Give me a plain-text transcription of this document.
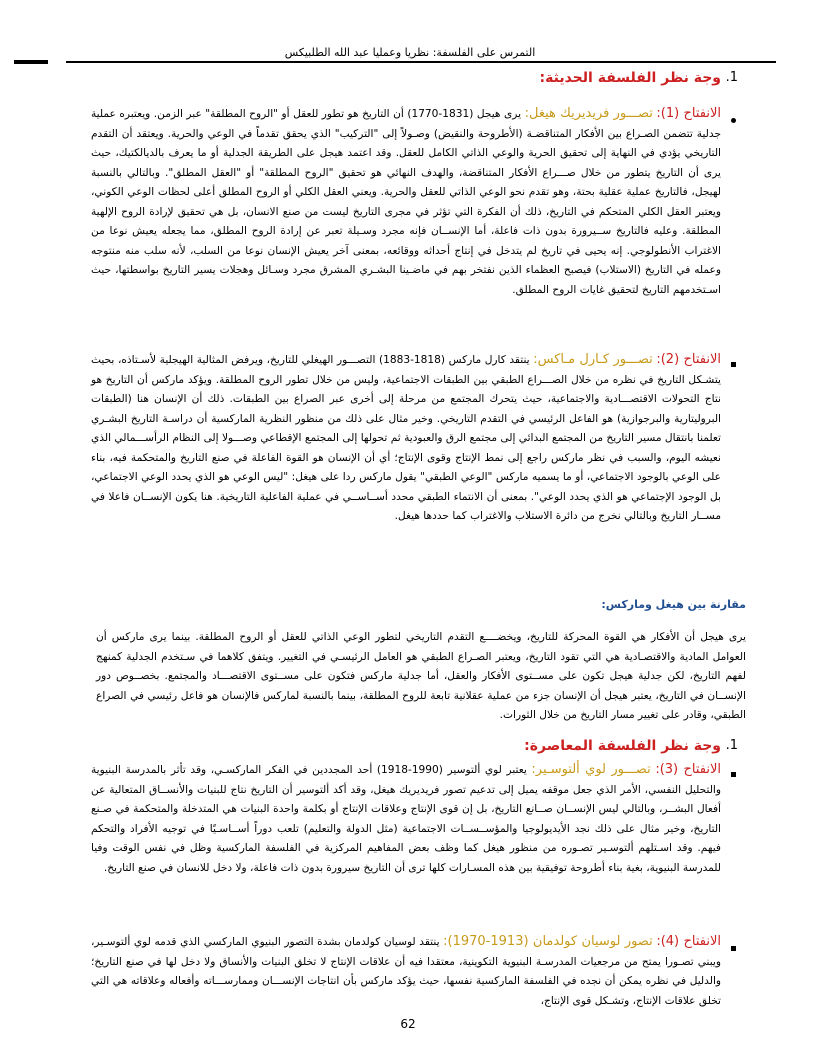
التمرس على الفلسفة: نظريا وعمليا عبد الله الطلبيكس
1.
وجة نظر الفلسفة الحديثة:
الانفتاح (1): تصـــور فريديريك هيغل: يرى هيجل (1831-1770) أن التاريخ هو تطور للعقل أو "الروح المطلقة" عبر الزمن. ويعتبره عملية جدلية تتضمن الصـراع بين الأفكار المتناقضـة (الأطروحة والنقيض) وصـولاً إلى "التركيب" الذي يحقق تقدماً في الوعي والحرية. ويعتقد أن التقدم التاريخي يؤدي في النهاية إلى تحقيق الحرية والوعي الذاتي الكامل للعقل. وقد اعتمد هيجل على الطريقة الجدلية أو ما يعرف بالديالكتيك، حيث يرى أن التاريخ يتطور من خلال صـــراع الأفكار المتناقضة، والهدف النهائي هو تحقيق "الروح المطلقة" أو "العقل المطلق". وبالتالي بالنسبة لهيجل، فالتاريخ عملية عقلية بحتة، وهو تقدم نحو الوعي الذاتي للعقل والحرية. ويعني العقل الكلي أو الروح المطلق أعلى لحظات الوعي الكوني، ويعتبر العقل الكلي المتحكم في التاريخ، ذلك أن الفكرة التي تؤثر في مجرى التاريخ ليست من صنع الانسان، بل هي تحقيق لإرادة الروح الإلهية المطلقة. وعليه فالتاريخ ســيرورة بدون ذات فاعلة، أما الإنســان فإنه مجرد وسـيلة تعبر عن إرادة الروح المطلق، مما يجعله يعيش نوعا من الاغتراب الأنطولوجي. إنه يحيى في تاريخ لم يتدخل في إنتاج أحداثه ووقائعه، بمعنى آخر يعيش الإنسان نوعا من السلب، لأنه سلب منه منتوجه وعمله في التاريخ (الاستلاب) فيصبح العظماء الذين نفتخر بهم في ماضـينا البشـري المشرق مجرد وسـائل وهجلات يسير التاريخ بواسطتها، حيث اسـتخدمهم التاريخ لتحقيق غايات الروح المطلق.
الانفتاح (2): تصـــور كـارل مـاكس: ينتقد كارل ماركس (1818-1883) التصـــور الهيغلي للتاريخ، ويرفض المثالية الهيجلية لأسـتاذه، بحيث يتشـكل التاريخ في نظره من خلال الصـــراع الطبقي بين الطبقات الاجتماعية، وليس من خلال تطور الروح المطلقة. ويؤكد ماركس أن التاريخ هو نتاج التحولات الاقتصـــادية والاجتماعية، حيث يتحرك المجتمع من مرحلة إلى أخرى عبر الصراع بين الطبقات. ذلك أن الإنسان هنا (الطبقات البروليتارية والبرجوازية) هو الفاعل الرئيسي في التقدم التاريخي. وخير مثال على ذلك من منظور النظرية الماركسية أن دراسـة التاريخ البشـري تعلمنا بانتقال مسير التاريخ من المجتمع البدائي إلى مجتمع الرق والعبودية ثم تحولها إلى المجتمع الإقطاعي وصـــولا إلى النظام الرأســـمالي الذي نعيشه اليوم، والسبب في نظر ماركس راجع إلى نمط الإنتاج وقوى الإنتاج؛ أي أن الإنسان هو القوة الفاعلة في صنع التاريخ والمتحكمة فيه، بناء على الوعي بالوجود الاجتماعي، أو ما يسميه ماركس "الوعي الطبقي" يقول ماركس ردا على هيغل: "ليس الوعي هو الذي يحدد الوعي الاجتماعي، بل الوجود الإجتماعي هو الذي يحدد الوعي". بمعنى أن الانتماء الطبقي محدد أســاســي في عملية الفاعلية التاريخية. هنا يكون الإنســان فاعلا في مســار التاريخ وبالتالي نخرج من دائرة الاستلاب والاغتراب كما حددها هيغل.
مقارنة بين هيغل وماركس:
يرى هيجل أن الأفكار هي القوة المحركة للتاريخ، ويخضــــع التقدم التاريخي لتطور الوعي الذاتي للعقل أو الروح المطلقة. بينما يرى ماركس أن العوامل المادية والاقتصـادية هي التي تقود التاريخ، ويعتبر الصـراع الطبقي هو العامل الرئيسـي في التغيير. ويتفق كلاهما في سـتخدم الجدلية كمنهج لفهم التاريخ، لكن جدلية هيجل تكون على مســتوى الأفكار والعقل، أما جدلية ماركس فتكون على مســتوى الاقتصـــاد والمجتمع. بخصــوص دور الإنســان في التاريخ، يعتبر هيجل أن الإنسان جزء من عملية عقلانية تابعة للروح المطلقة، بينما بالنسبة لماركس فالإنسان هو فاعل رئيسي في الصراع الطبقي، وقادر على تغيير مسار التاريخ من خلال الثورات.
1.
وجة نظر الفلسفة المعاصرة:
الانفتاح (3): تصـــور لوي ألتوسـير: يعتبر لوي ألتوسير (1990-1918) أحد المجددين في الفكر الماركسـي، وقد تأثر بالمدرسة البنيوية والتحليل النفسي، الأمر الذي جعل موقفه يميل إلى تدعيم تصور فريديريك هيغل، وقد أكد ألتوسير أن التاريخ نتاج للبنيات والأنســاق المتعالية عن أفعال البشــر، وبالتالي ليس الإنســان صــانع التاريخ، بل إن قوى الإنتاج وعلاقات الإنتاج أو بكلمة واحدة البنيات هي المتدخلة والمتحكمة في صـنع التاريخ، وخير مثال على ذلك نجد الأيديولوجيا والمؤســســات الاجتماعية (مثل الدولة والتعليم) تلعب دوراً أســاسـيًا في توجيه الأفراد والتحكم فيهم. وقد اسـتلهم ألتوسـير تصـوره من منظور هيغل كما وظف بعض المفاهيم المركزية في الفلسفة الماركسية وظل في نفس الوقت وفيا للمدرسة البنيوية، بغية بناء أطروحة توفيقية بين هذه المسـارات كلها ترى أن التاريخ سيرورة بدون ذات فاعلة، ولا دخل للانسان في صنع التاريخ.
الانفتاح (4): تصور لوسيان كولدمان (1913-1970): ينتقد لوسيان كولدمان بشدة التصور البنيوي الماركسي الذي قدمه لوي ألتوسـير، ويبني تصـورا يمتح من مرجعيات المدرسـة البنيوية التكوينية، معتقدا فيه أن علاقات الإنتاج لا تخلق البنيات والأنساق ولا دخل لها في صنع التاريخ؛ والدليل في نظره يمكن أن نجده في الفلسفة الماركسية نفسها، حيث يؤكد ماركس بأن انتاجات الإنســـان وممارســـاته وأفعاله وعلاقاته هي التي تخلق علاقات الإنتاج، وتشـكل قوى الإنتاج،
62
